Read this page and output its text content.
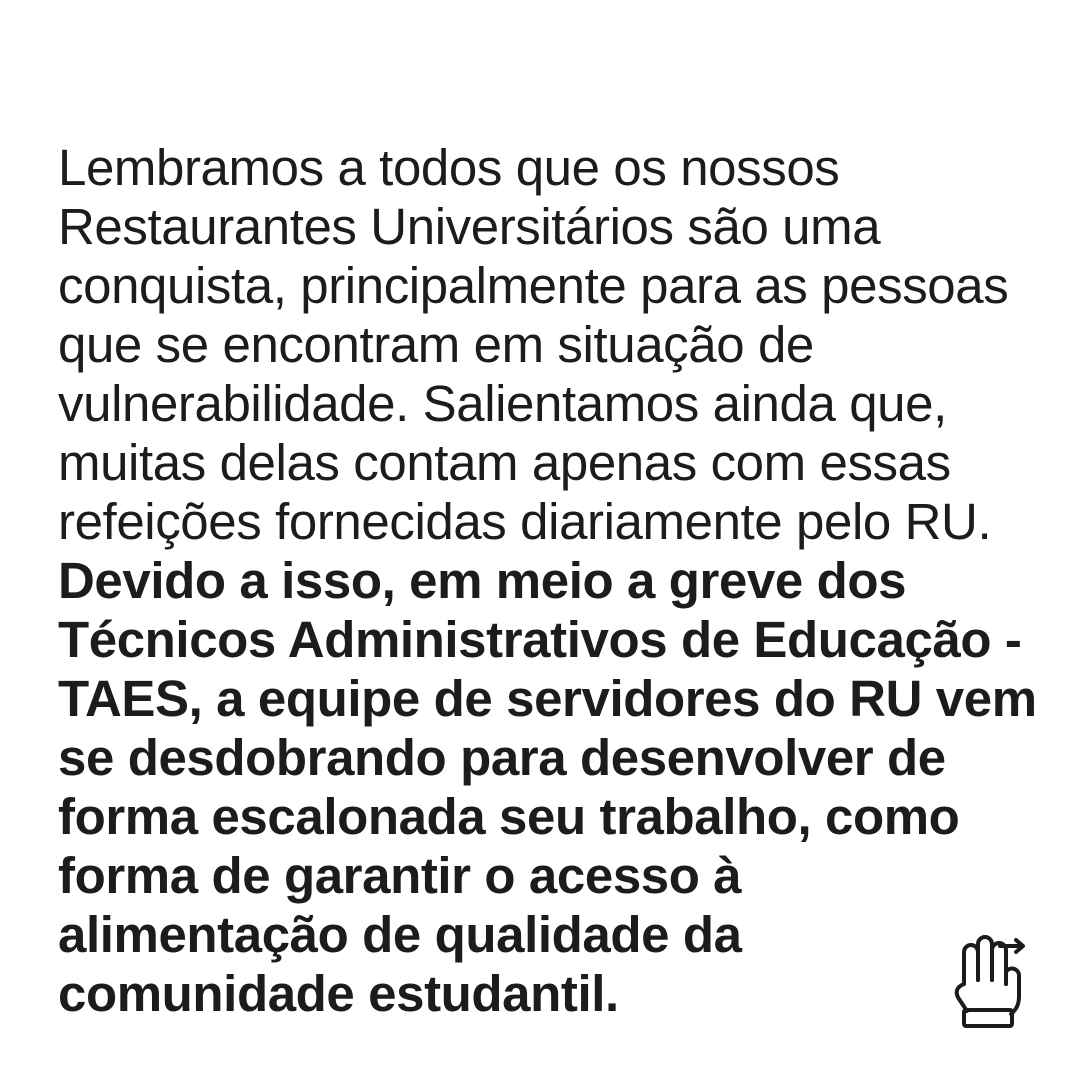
Lembramos a todos que os nossos Restaurantes Universitários são uma conquista, principalmente para as pessoas que se encontram em situação de vulnerabilidade. Salientamos ainda que, muitas delas contam apenas com essas refeições fornecidas diariamente pelo RU.

Devido a isso, em meio a greve dos Técnicos Administrativos de Educação - TAES, a equipe de servidores do RU vem se desdobrando para desenvolver de forma escalonada seu trabalho, como forma de garantir o acesso à alimentação de qualidade da comunidade estudantil.
